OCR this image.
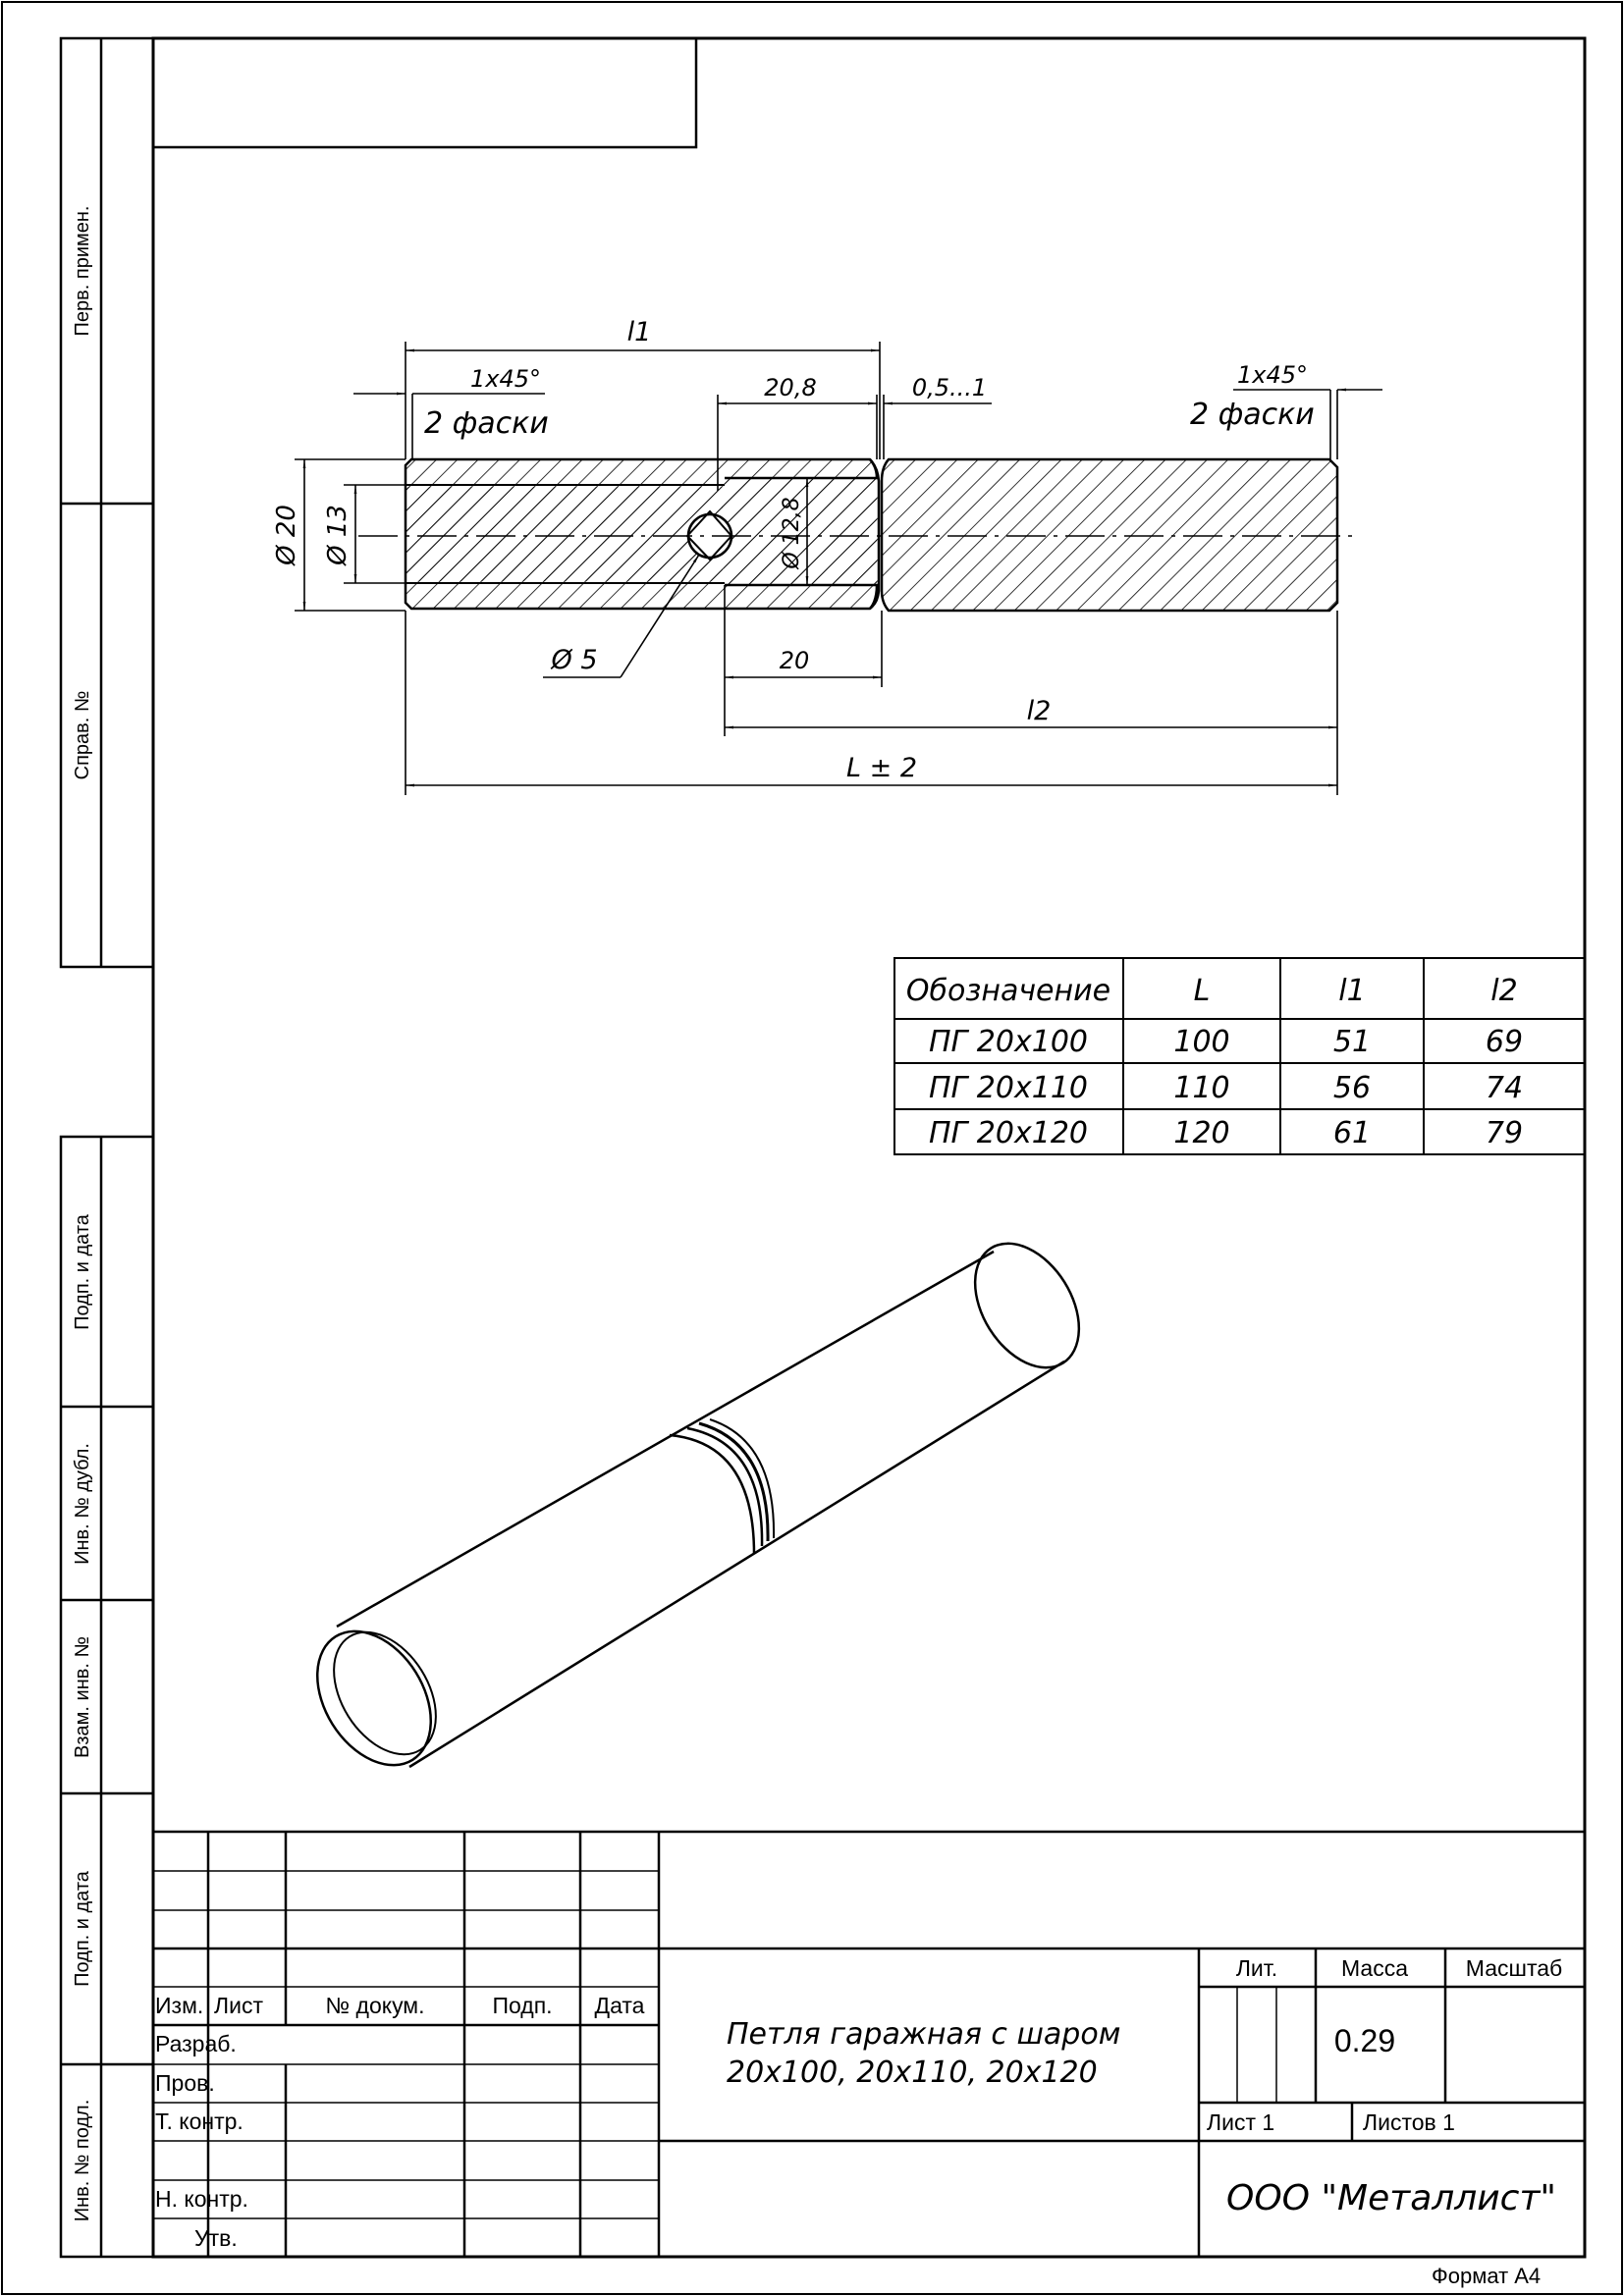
Перв. примен.
Справ. №
Подп. и дата
Инв. № дубл.
Взам. инв. №
Подп. и дата
Инв. № подл.
l1
1x45°
2 фаски
20,8	0,5...1	1x45°
2 фаски
Ø 20 Ø 13	Ø 12,8
Ø 5	20
l2
L ± 2
Обозначение	L	l1	l2
ПГ 20х100	100	51	69
ПГ 20х110	110	56	74
ПГ 20х120	120	61	79
Изм. Лист	№ докум.	Подп. Дата
Разраб.
Пров.
Т. контр.
Н. контр.
Утв.
Лит.	Масса	Масштаб
0.29
Лист 1	Листов 1
Формат А4
Петля гаражная с шаром
20х100, 20х110, 20х120
ООО "Металлист"
